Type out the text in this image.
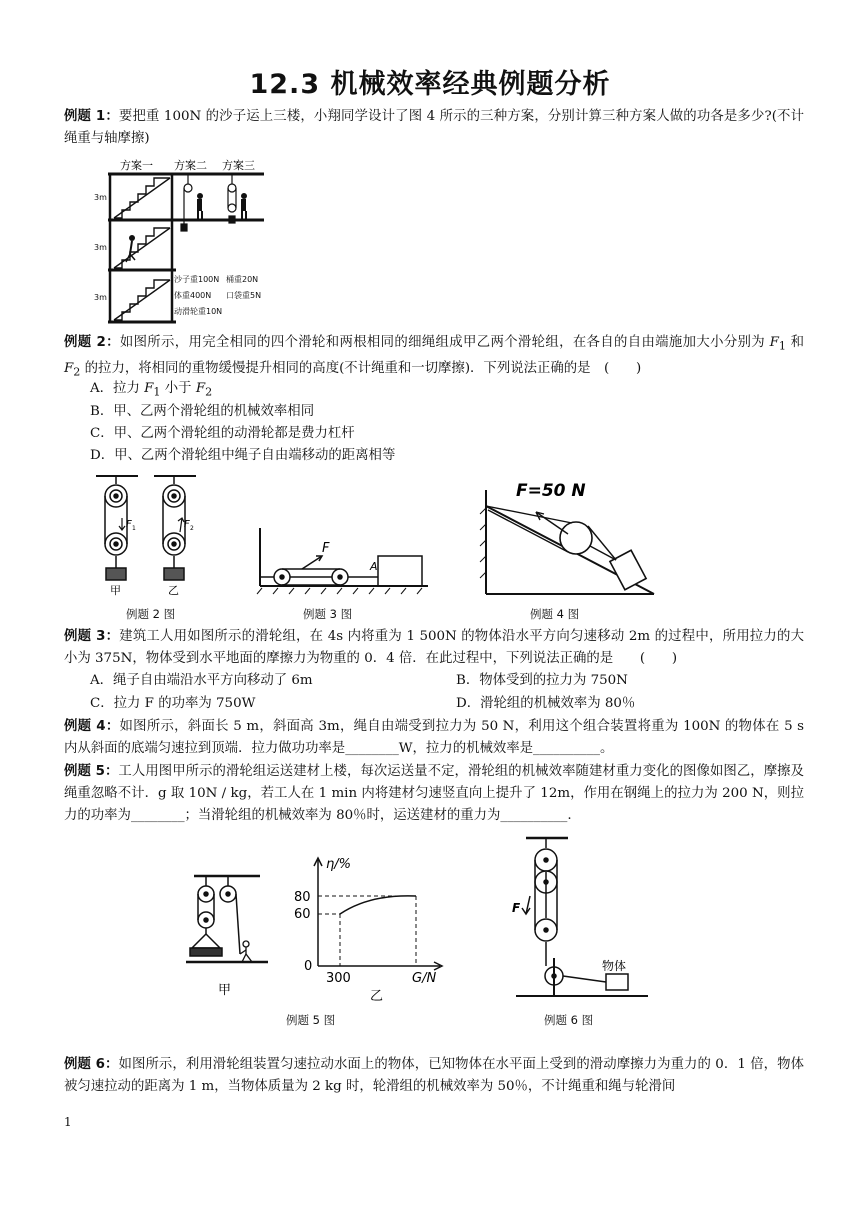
12.3 机械效率经典例题分析
例题 1：要把重 100N 的沙子运上三楼，小翔同学设计了图 4 所示的三种方案，分别计算三种方案人做的功各是多少?(不计绳重与轴摩擦)
方案一 方案二 方案三
3m
3m
3m
沙子重100N 桶重20N
体重400N 口袋重5N
动滑轮重10N
例题 2：如图所示，用完全相同的四个滑轮和两根相同的细绳组成甲乙两个滑轮组，在各自的自由端施加大小分别为 $F_1$ 和 $F_2$ 的拉力，将相同的重物缓慢提升相同的高度(不计绳重和一切摩擦)．下列说法正确的是　(　　)
A．拉力 $F_1$ 小于 $F_2$
B．甲、乙两个滑轮组的机械效率相同
C．甲、乙两个滑轮组的动滑轮都是费力杠杆
D．甲、乙两个滑轮组中绳子自由端移动的距离相等
F 1	F 2
甲	乙
F
A
F=50 N
例题 2 图	例题 3 图	例题 4 图
例题 3：建筑工人用如图所示的滑轮组，在 4s 内将重为 1 500N 的物体沿水平方向匀速移动 2m 的过程中，所用拉力的大小为 375N，物体受到水平地面的摩擦力为物重的 0．4 倍．在此过程中，下列说法正确的是　　(　　)
A．绳子自由端沿水平方向移动了 6m	B．物体受到的拉力为 750N
C．拉力 F 的功率为 750W	D．滑轮组的机械效率为 80％
例题 4：如图所示，斜面长 5 m，斜面高 3m，绳自由端受到拉力为 50 N，利用这个组合装置将重为 100N 的物体在 5 s 内从斜面的底端匀速拉到顶端．拉力做功功率是________W，拉力的机械效率是__________。
例题 5：工人用图甲所示的滑轮组运送建材上楼，每次运送量不定，滑轮组的机械效率随建材重力变化的图像如图乙，摩擦及绳重忽略不计．g 取 10N / kg，若工人在 1 min 内将建材匀速竖直向上提升了 12m，作用在钢绳上的拉力为 200 N，则拉力的功率为________；当滑轮组的机械效率为 80％时，运送建材的重力为__________.
甲
η/%
80
60
0
300	G/N
乙
F
物体
例题 5 图	例题 6 图
例题 6：如图所示，利用滑轮组装置匀速拉动水面上的物体，已知物体在水平面上受到的滑动摩擦力为重力的 0．1 倍，物体被匀速拉动的距离为 1 m，当物体质量为 2 kg 时，轮滑组的机械效率为 50％，不计绳重和绳与轮滑间
1
